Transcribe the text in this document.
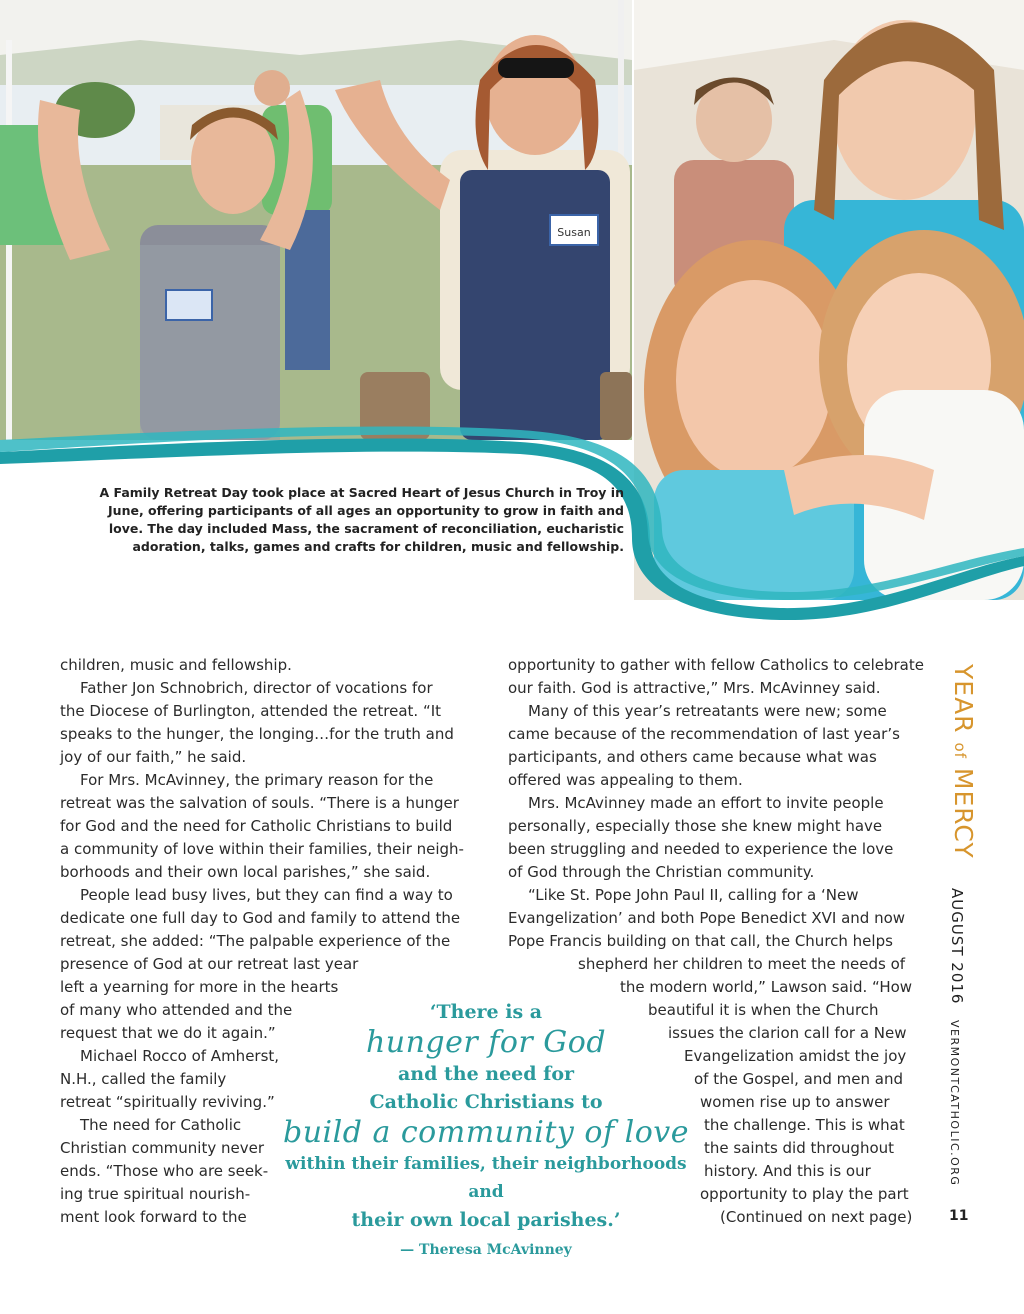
Susan
A Family Retreat Day took place at Sacred Heart of Jesus Church in Troy in June, offering participants of all ages an opportunity to grow in faith and love. The day included Mass, the sacrament of reconciliation, eucharistic adoration, talks, games and crafts for children, music and fellowship.
children, music and fellowship.
Father Jon Schnobrich, director of vocations for
the Diocese of Burlington, attended the retreat. “It
speaks to the hunger, the longing…for the truth and
joy of our faith,” he said.
For Mrs. McAvinney, the primary reason for the
retreat was the salvation of souls. “There is a hunger
for God and the need for Catholic Christians to build
a community of love within their families, their neigh-
borhoods and their own local parishes,” she said.
People lead busy lives, but they can find a way to
dedicate one full day to God and family to attend the
retreat, she added: “The palpable experience of the
presence of God at our retreat last year
left a yearning for more in the hearts
of many who attended and the
request that we do it again.”
Michael Rocco of Amherst,
N.H., called the family
retreat “spiritually reviving.”
The need for Catholic
Christian community never
ends. “Those who are seek-
ing true spiritual nourish-
ment look forward to the
opportunity to gather with fellow Catholics to celebrate
our faith. God is attractive,” Mrs. McAvinney said.
Many of this year’s retreatants were new; some
came because of the recommendation of last year’s
participants, and others came because what was
offered was appealing to them.
Mrs. McAvinney made an effort to invite people
personally, especially those she knew might have
been struggling and needed to experience the love
of God through the Christian community.
“Like St. Pope John Paul II, calling for a ‘New
Evangelization’ and both Pope Benedict XVI and now
Pope Francis building on that call, the Church helps
shepherd her children to meet the needs of
the modern world,” Lawson said. “How
beautiful it is when the Church
issues the clarion call for a New
Evangelization amidst the joy
of the Gospel, and men and
women rise up to answer
the challenge. This is what
the saints did throughout
history. And this is our
opportunity to play the part
(Continued on next page)
‘There is a
hunger for God
and the need for
Catholic Christians to
build a community of love
within their families, their neighborhoods and
their own local parishes.’
— Theresa McAvinney
YEAR of MERCY
AUGUST 2016
VERMONTCATHOLIC.ORG
11
